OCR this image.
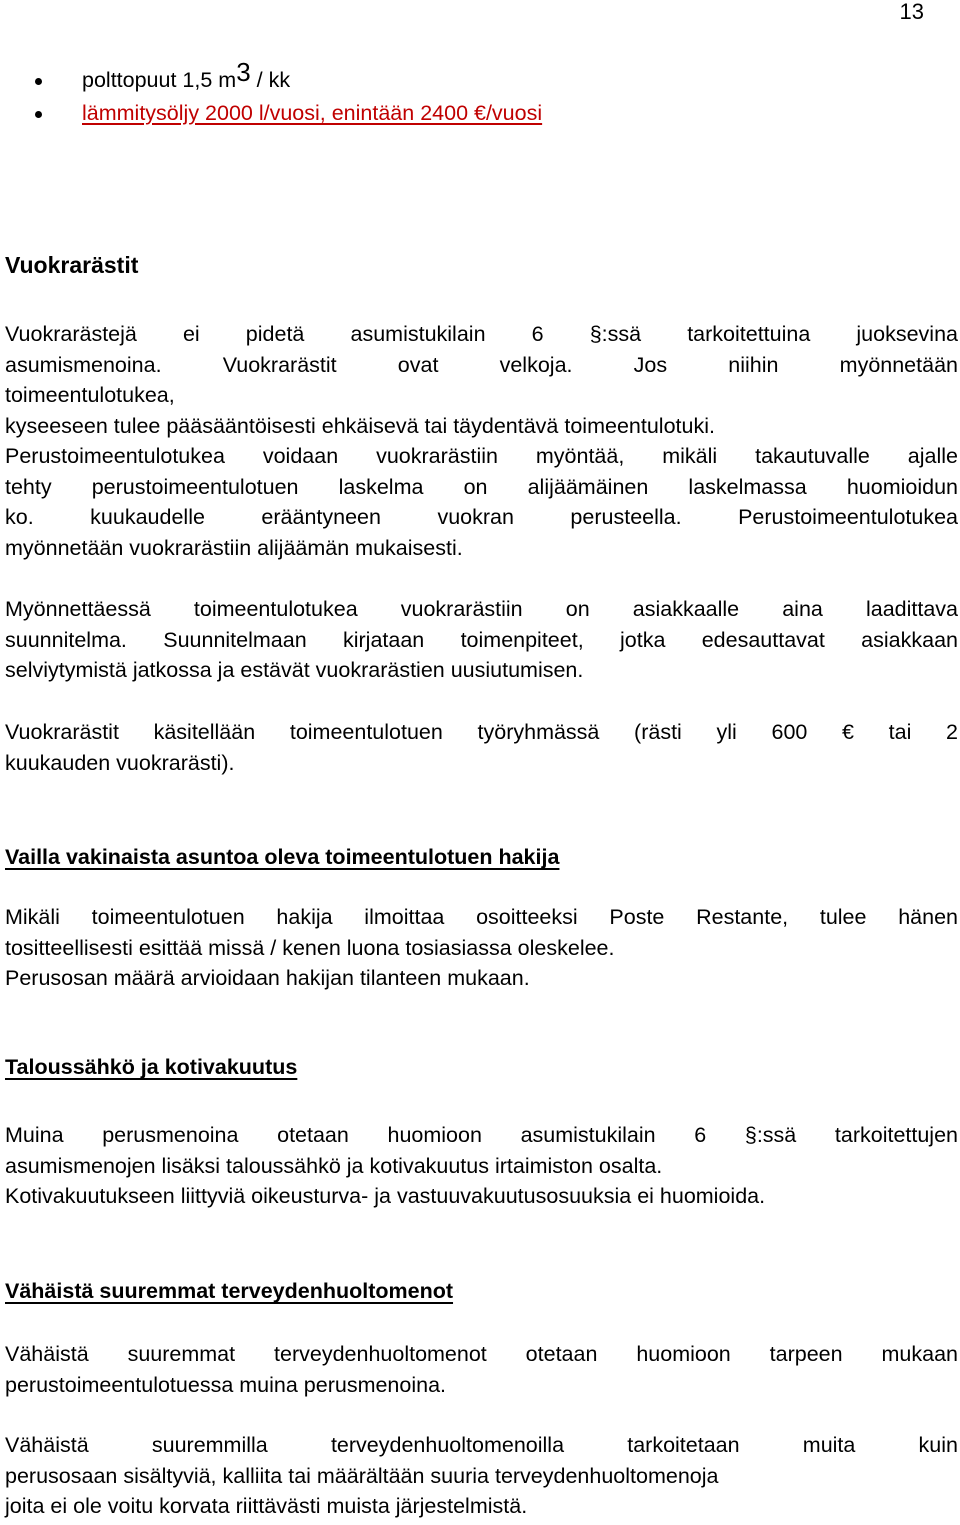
13
polttopuut 1,5 $m^3$ / kk
lämmitysöljy 2000 l/vuosi, enintään 2400 €/vuosi
Vuokrarästit
Vuokrarästejä ei pidetä asumistukilain 6 §:ssä tarkoitettuina juoksevina
asumismenoina. Vuokrarästit ovat velkoja. Jos niihin myönnetään
toimeentulotukea,
kyseeseen tulee pääsääntöisesti ehkäisevä tai täydentävä toimeentulotuki.
Perustoimeentulotukea voidaan vuokrarästiin myöntää, mikäli takautuvalle ajalle
tehty perustoimeentulotuen laskelma on alijäämäinen laskelmassa huomioidun
ko. kuukaudelle erääntyneen vuokran perusteella. Perustoimeentulotukea
myönnetään vuokrarästiin alijäämän mukaisesti.
Myönnettäessä toimeentulotukea vuokrarästiin on asiakkaalle aina laadittava
suunnitelma. Suunnitelmaan kirjataan toimenpiteet, jotka edesauttavat asiakkaan
selviytymistä jatkossa ja estävät vuokrarästien uusiutumisen.
Vuokrarästit käsitellään toimeentulotuen työryhmässä (rästi yli 600 € tai 2
kuukauden vuokrarästi).
Vailla vakinaista asuntoa oleva toimeentulotuen hakija
Mikäli toimeentulotuen hakija ilmoittaa osoitteeksi Poste Restante, tulee hänen
tositteellisesti esittää missä / kenen luona tosiasiassa oleskelee.
Perusosan määrä arvioidaan hakijan tilanteen mukaan.
Taloussähkö ja kotivakuutus
Muina perusmenoina otetaan huomioon asumistukilain 6 §:ssä tarkoitettujen
asumismenojen lisäksi taloussähkö ja kotivakuutus irtaimiston osalta.
Kotivakuutukseen liittyviä oikeusturva- ja vastuuvakuutusosuuksia ei huomioida.
Vähäistä suuremmat terveydenhuoltomenot
Vähäistä suuremmat terveydenhuoltomenot otetaan huomioon tarpeen mukaan
perustoimeentulotuessa muina perusmenoina.
Vähäistä suuremmilla terveydenhuoltomenoilla tarkoitetaan muita kuin
perusosaan sisältyviä, kalliita tai määrältään suuria terveydenhuoltomenoja
joita ei ole voitu korvata riittävästi muista järjestelmistä.
